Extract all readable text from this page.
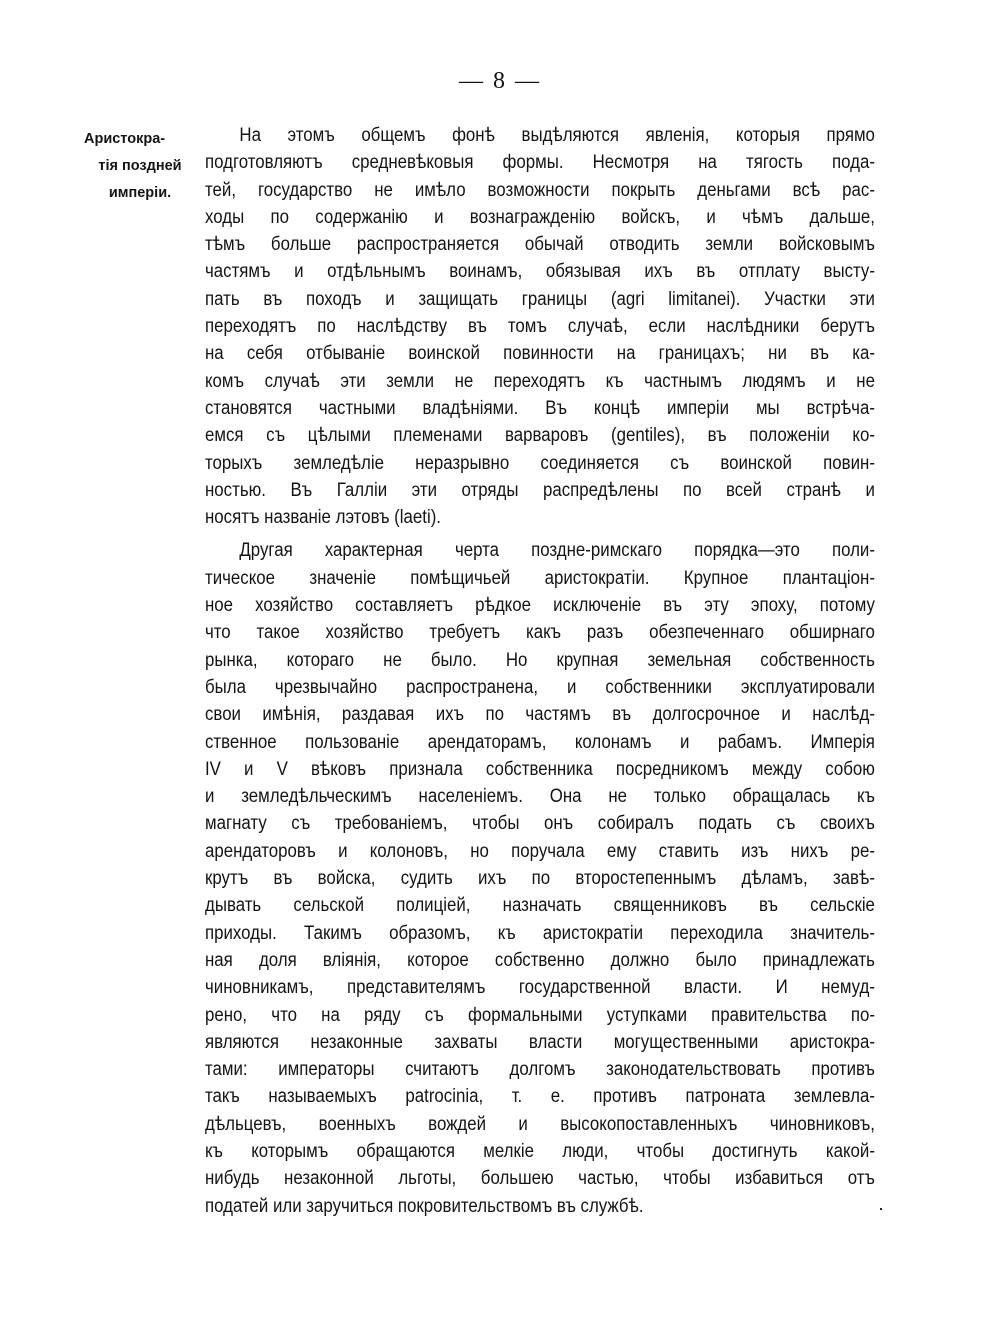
— 8 —
Аристокра-
тія поздней
имперіи.
На этомъ общемъ фонѣ выдѣляются явленія, которыя прямо
подготовляютъ средневѣковыя формы. Несмотря на тягость пода-
тей, государство не имѣло возможности покрыть деньгами всѣ рас-
ходы по содержанію и вознагражденію войскъ, и чѣмъ дальше,
тѣмъ больше распространяется обычай отводить земли войсковымъ
частямъ и отдѣльнымъ воинамъ, обязывая ихъ въ отплату высту-
пать въ походъ и защищать границы (agri limitanei). Участки эти
переходятъ по наслѣдству въ томъ случаѣ, если наслѣдники берутъ
на себя отбываніе воинской повинности на границахъ; ни въ ка-
комъ случаѣ эти земли не переходятъ къ частнымъ людямъ и не
становятся частными владѣніями. Въ концѣ имперіи мы встрѣча-
емся съ цѣлыми племенами варваровъ (gentiles), въ положеніи ко-
торыхъ земледѣліе неразрывно соединяется съ воинской повин-
ностью. Въ Галліи эти отряды распредѣлены по всей странѣ и
носятъ названіе лэтовъ (laeti).
Другая характерная черта поздне-римскаго порядка—это поли-
тическое значеніе помѣщичьей аристократіи. Крупное плантаціон-
ное хозяйство составляетъ рѣдкое исключеніе въ эту эпоху, потому
что такое хозяйство требуетъ какъ разъ обезпеченнаго обширнаго
рынка, котораго не было. Но крупная земельная собственность
была чрезвычайно распространена, и собственники эксплуатировали
свои имѣнія, раздавая ихъ по частямъ въ долгосрочное и наслѣд-
ственное пользованіе арендаторамъ, колонамъ и рабамъ. Имперія
IV и V вѣковъ признала собственника посредникомъ между собою
и земледѣльческимъ населеніемъ. Она не только обращалась къ
магнату съ требованіемъ, чтобы онъ собиралъ подать съ своихъ
арендаторовъ и колоновъ, но поручала ему ставить изъ нихъ ре-
крутъ въ войска, судить ихъ по второстепеннымъ дѣламъ, завѣ-
дывать сельской полиціей, назначать священниковъ въ сельскіе
приходы. Такимъ образомъ, къ аристократіи переходила значитель-
ная доля вліянія, которое собственно должно было принадлежать
чиновникамъ, представителямъ государственной власти. И немуд-
рено, что на ряду съ формальными уступками правительства по-
являются незаконные захваты власти могущественными аристокра-
тами: императоры считаютъ долгомъ законодательствовать противъ
такъ называемыхъ patrocinia, т. е. противъ патроната землевла-
дѣльцевъ, военныхъ вождей и высокопоставленныхъ чиновниковъ,
къ которымъ обращаются мелкіе люди, чтобы достигнуть какой-
нибудь незаконной льготы, большею частью, чтобы избавиться отъ
податей или заручиться покровительствомъ въ службѣ.
